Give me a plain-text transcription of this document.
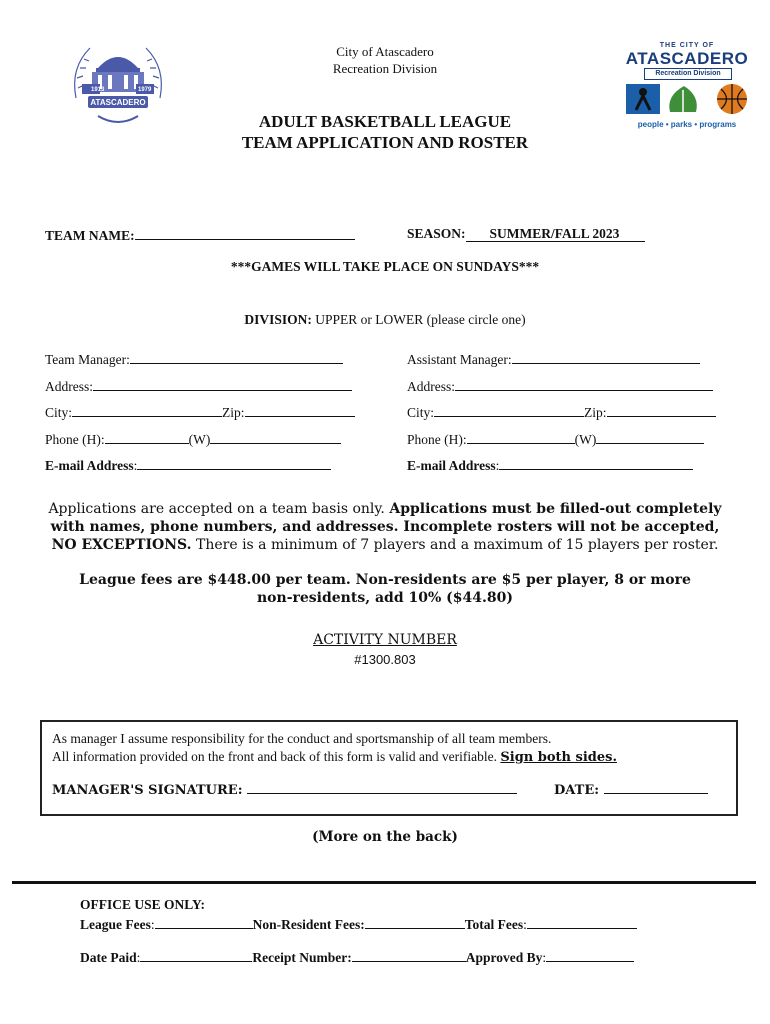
1913	1979
ATASCADERO
City of Atascadero
Recreation Division
THE CITY OF
ATASCADERO
Recreation Division
people • parks • programs
ADULT BASKETBALL LEAGUE
TEAM APPLICATION AND ROSTER
TEAM NAME:	SEASON: SUMMER/FALL 2023
***GAMES WILL TAKE PLACE ON SUNDAYS***
DIVISION: UPPER or LOWER (please circle one)
Team Manager:
Address:
City:	Zip:
Phone (H):	(W)
E-mail Address:
Assistant Manager:
Address:
City:	Zip:
Phone (H):	(W)
E-mail Address:
Applications are accepted on a team basis only. Applications must be filled-out completely with names, phone numbers, and addresses. Incomplete rosters will not be accepted, NO EXCEPTIONS. There is a minimum of 7 players and a maximum of 15 players per roster.
League fees are $448.00 per team. Non-residents are $5 per player, 8 or more
non-residents, add 10% ($44.80)
ACTIVITY NUMBER
#1300.803
As manager I assume responsibility for the conduct and sportsmanship of all team members.
All information provided on the front and back of this form is valid and verifiable. Sign both sides.
MANAGER'S SIGNATURE:	DATE:
(More on the back)
OFFICE USE ONLY:
League Fees:	Non-Resident Fees:	Total Fees:
Date Paid:	Receipt Number:	Approved By:
